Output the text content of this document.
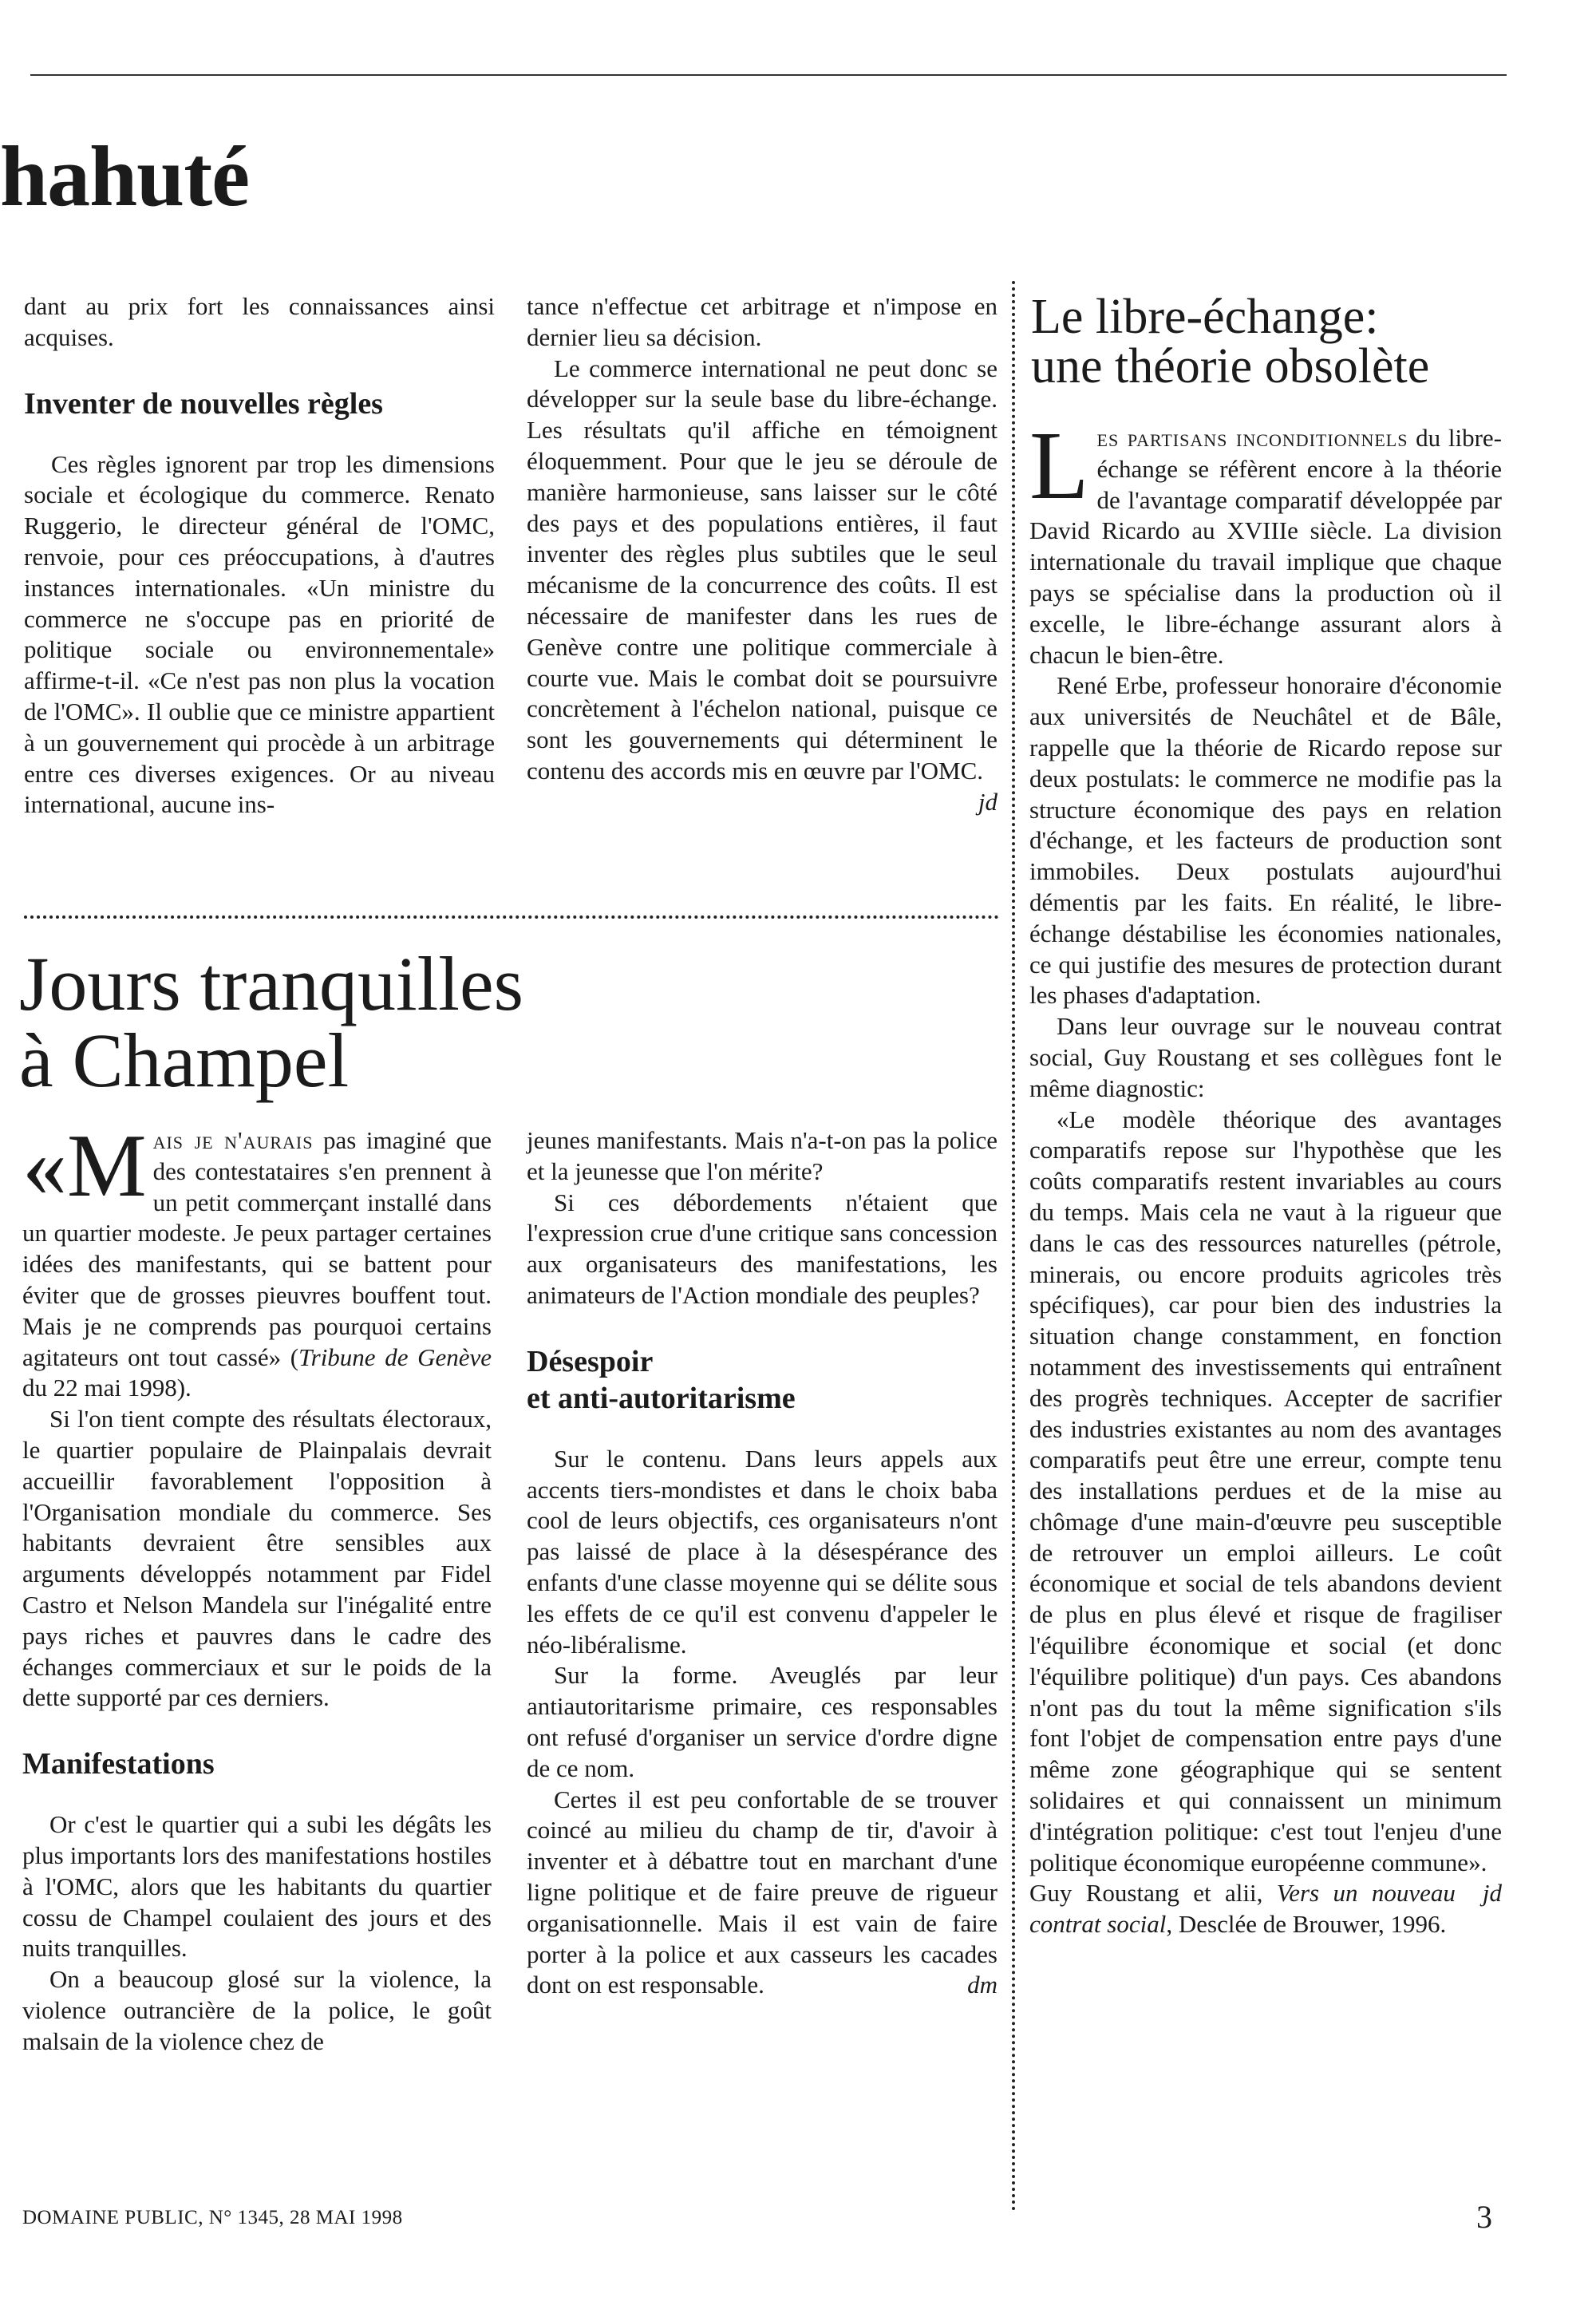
hahuté

dant au prix fort les connaissances ainsi acquises.

Inventer de nouvelles règles

Ces règles ignorent par trop les dimensions sociale et écologique du commerce. Renato Ruggerio, le directeur général de l'OMC, renvoie, pour ces préoccupations, à d'autres instances internationales. «Un ministre du commerce ne s'occupe pas en priorité de politique sociale ou environnementale» affirme-t-il. «Ce n'est pas non plus la vocation de l'OMC». Il oublie que ce ministre appartient à un gouvernement qui procède à un arbitrage entre ces diverses exigences. Or au niveau international, aucune ins-

tance n'effectue cet arbitrage et n'impose en dernier lieu sa décision.

Le commerce international ne peut donc se développer sur la seule base du libre-échange. Les résultats qu'il affiche en témoignent éloquemment. Pour que le jeu se déroule de manière harmonieuse, sans laisser sur le côté des pays et des populations entières, il faut inventer des règles plus subtiles que le seul mécanisme de la concurrence des coûts. Il est nécessaire de manifester dans les rues de Genève contre une politique commerciale à courte vue. Mais le combat doit se poursuivre concrètement à l'échelon national, puisque ce sont les gouvernements qui déterminent le contenu des accords mis en œuvre par l'OMC.
jd

Jours tranquilles
à Champel

«M ais je n'aurais pas imaginé que des contestataires s'en prennent à un petit commerçant installé dans un quartier modeste. Je peux partager certaines idées des manifestants, qui se battent pour éviter que de grosses pieuvres bouffent tout. Mais je ne comprends pas pourquoi certains agitateurs ont tout cassé» (Tribune de Genève du 22 mai 1998).

Si l'on tient compte des résultats électoraux, le quartier populaire de Plainpalais devrait accueillir favorablement l'opposition à l'Organisation mondiale du commerce. Ses habitants devraient être sensibles aux arguments développés notamment par Fidel Castro et Nelson Mandela sur l'inégalité entre pays riches et pauvres dans le cadre des échanges commerciaux et sur le poids de la dette supporté par ces derniers.

Manifestations

Or c'est le quartier qui a subi les dégâts les plus importants lors des manifestations hostiles à l'OMC, alors que les habitants du quartier cossu de Champel coulaient des jours et des nuits tranquilles.

On a beaucoup glosé sur la violence, la violence outrancière de la police, le goût malsain de la violence chez de

jeunes manifestants. Mais n'a-t-on pas la police et la jeunesse que l'on mérite?

Si ces débordements n'étaient que l'expression crue d'une critique sans concession aux organisateurs des manifestations, les animateurs de l'Action mondiale des peuples?

Désespoir
et anti-autoritarisme

Sur le contenu. Dans leurs appels aux accents tiers-mondistes et dans le choix baba cool de leurs objectifs, ces organisateurs n'ont pas laissé de place à la désespérance des enfants d'une classe moyenne qui se délite sous les effets de ce qu'il est convenu d'appeler le néo-libéralisme.

Sur la forme. Aveuglés par leur antiautoritarisme primaire, ces responsables ont refusé d'organiser un service d'ordre digne de ce nom.

Certes il est peu confortable de se trouver coincé au milieu du champ de tir, d'avoir à inventer et à débattre tout en marchant d'une ligne politique et de faire preuve de rigueur organisationnelle. Mais il est vain de faire porter à la police et aux casseurs les cacades dont on est responsable.	dm

Le libre-échange:
une théorie obsolète

Les partisans inconditionnels du libre-échange se réfèrent encore à la théorie de l'avantage comparatif développée par David Ricardo au XVIIIe siècle. La division internationale du travail implique que chaque pays se spécialise dans la production où il excelle, le libre-échange assurant alors à chacun le bien-être.

René Erbe, professeur honoraire d'économie aux universités de Neuchâtel et de Bâle, rappelle que la théorie de Ricardo repose sur deux postulats: le commerce ne modifie pas la structure économique des pays en relation d'échange, et les facteurs de production sont immobiles. Deux postulats aujourd'hui démentis par les faits. En réalité, le libre-échange déstabilise les économies nationales, ce qui justifie des mesures de protection durant les phases d'adaptation.

Dans leur ouvrage sur le nouveau contrat social, Guy Roustang et ses collègues font le même diagnostic:

«Le modèle théorique des avantages comparatifs repose sur l'hypothèse que les coûts comparatifs restent invariables au cours du temps. Mais cela ne vaut à la rigueur que dans le cas des ressources naturelles (pétrole, minerais, ou encore produits agricoles très spécifiques), car pour bien des industries la situation change constamment, en fonction notamment des investissements qui entraînent des progrès techniques. Accepter de sacrifier des industries existantes au nom des avantages comparatifs peut être une erreur, compte tenu des installations perdues et de la mise au chômage d'une main-d'œuvre peu susceptible de retrouver un emploi ailleurs. Le coût économique et social de tels abandons devient de plus en plus élevé et risque de fragiliser l'équilibre économique et social (et donc l'équilibre politique) d'un pays. Ces abandons n'ont pas du tout la même signification s'ils font l'objet de compensation entre pays d'une même zone géographique qui se sentent solidaires et qui connaissent un minimum d'intégration politique: c'est tout l'enjeu d'une politique économique européenne commune».
jd

Guy Roustang et alii, Vers un nouveau contrat social, Desclée de Brouwer, 1996.

DOMAINE PUBLIC, N° 1345, 28 MAI 1998	3
